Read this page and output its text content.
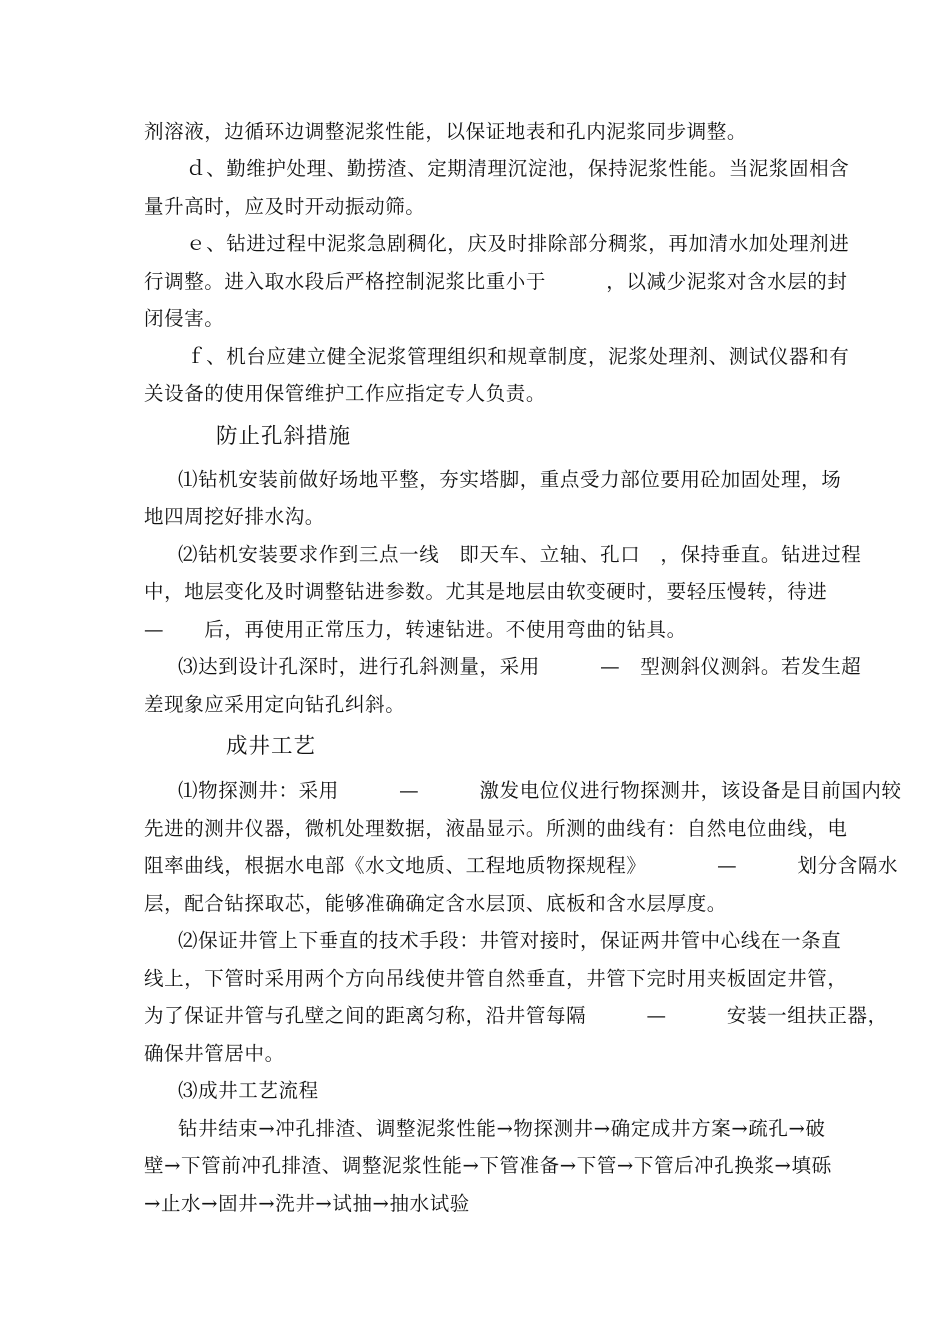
剂溶液，边循环边调整泥浆性能，以保证地表和孔内泥浆同步调整。

ｄ、勤维护处理、勤捞渣、定期清理沉淀池，保持泥浆性能。当泥浆固相含

量升高时，应及时开动振动筛。

ｅ、钻进过程中泥浆急剧稠化，庆及时排除部分稠浆，再加清水加处理剂进

行调整。进入取水段后严格控制泥浆比重小于　　　，以减少泥浆对含水层的封

闭侵害。

ｆ、机台应建立健全泥浆管理组织和规章制度，泥浆处理剂、测试仪器和有

关设备的使用保管维护工作应指定专人负责。

防止孔斜措施

⑴钻机安装前做好场地平整，夯实塔脚，重点受力部位要用砼加固处理，场

地四周挖好排水沟。

⑵钻机安装要求作到三点一线　即天车、立轴、孔口　，保持垂直。钻进过程

中，地层变化及时调整钻进参数。尤其是地层由软变硬时，要轻压慢转，待进

—　　后，再使用正常压力，转速钻进。不使用弯曲的钻具。

⑶达到设计孔深时，进行孔斜测量，采用　　　—　型测斜仪测斜。若发生超

差现象应采用定向钻孔纠斜。

成井工艺

⑴物探测井：采用　　　—　　　激发电位仪进行物探测井，该设备是目前国内较

先进的测井仪器，微机处理数据，液晶显示。所测的曲线有：自然电位曲线，电

阻率曲线，根据水电部《水文地质、工程地质物探规程》　　　　—　　　划分含隔水

层，配合钻探取芯，能够准确确定含水层顶、底板和含水层厚度。

⑵保证井管上下垂直的技术手段：井管对接时，保证两井管中心线在一条直

线上，下管时采用两个方向吊线使井管自然垂直，井管下完时用夹板固定井管，

为了保证井管与孔壁之间的距离匀称，沿井管每隔　　　—　　　安装一组扶正器，

确保井管居中。

⑶成井工艺流程

钻井结束→冲孔排渣、调整泥浆性能→物探测井→确定成井方案→疏孔→破

壁→下管前冲孔排渣、调整泥浆性能→下管准备→下管→下管后冲孔换浆→填砾

→止水→固井→洗井→试抽→抽水试验
